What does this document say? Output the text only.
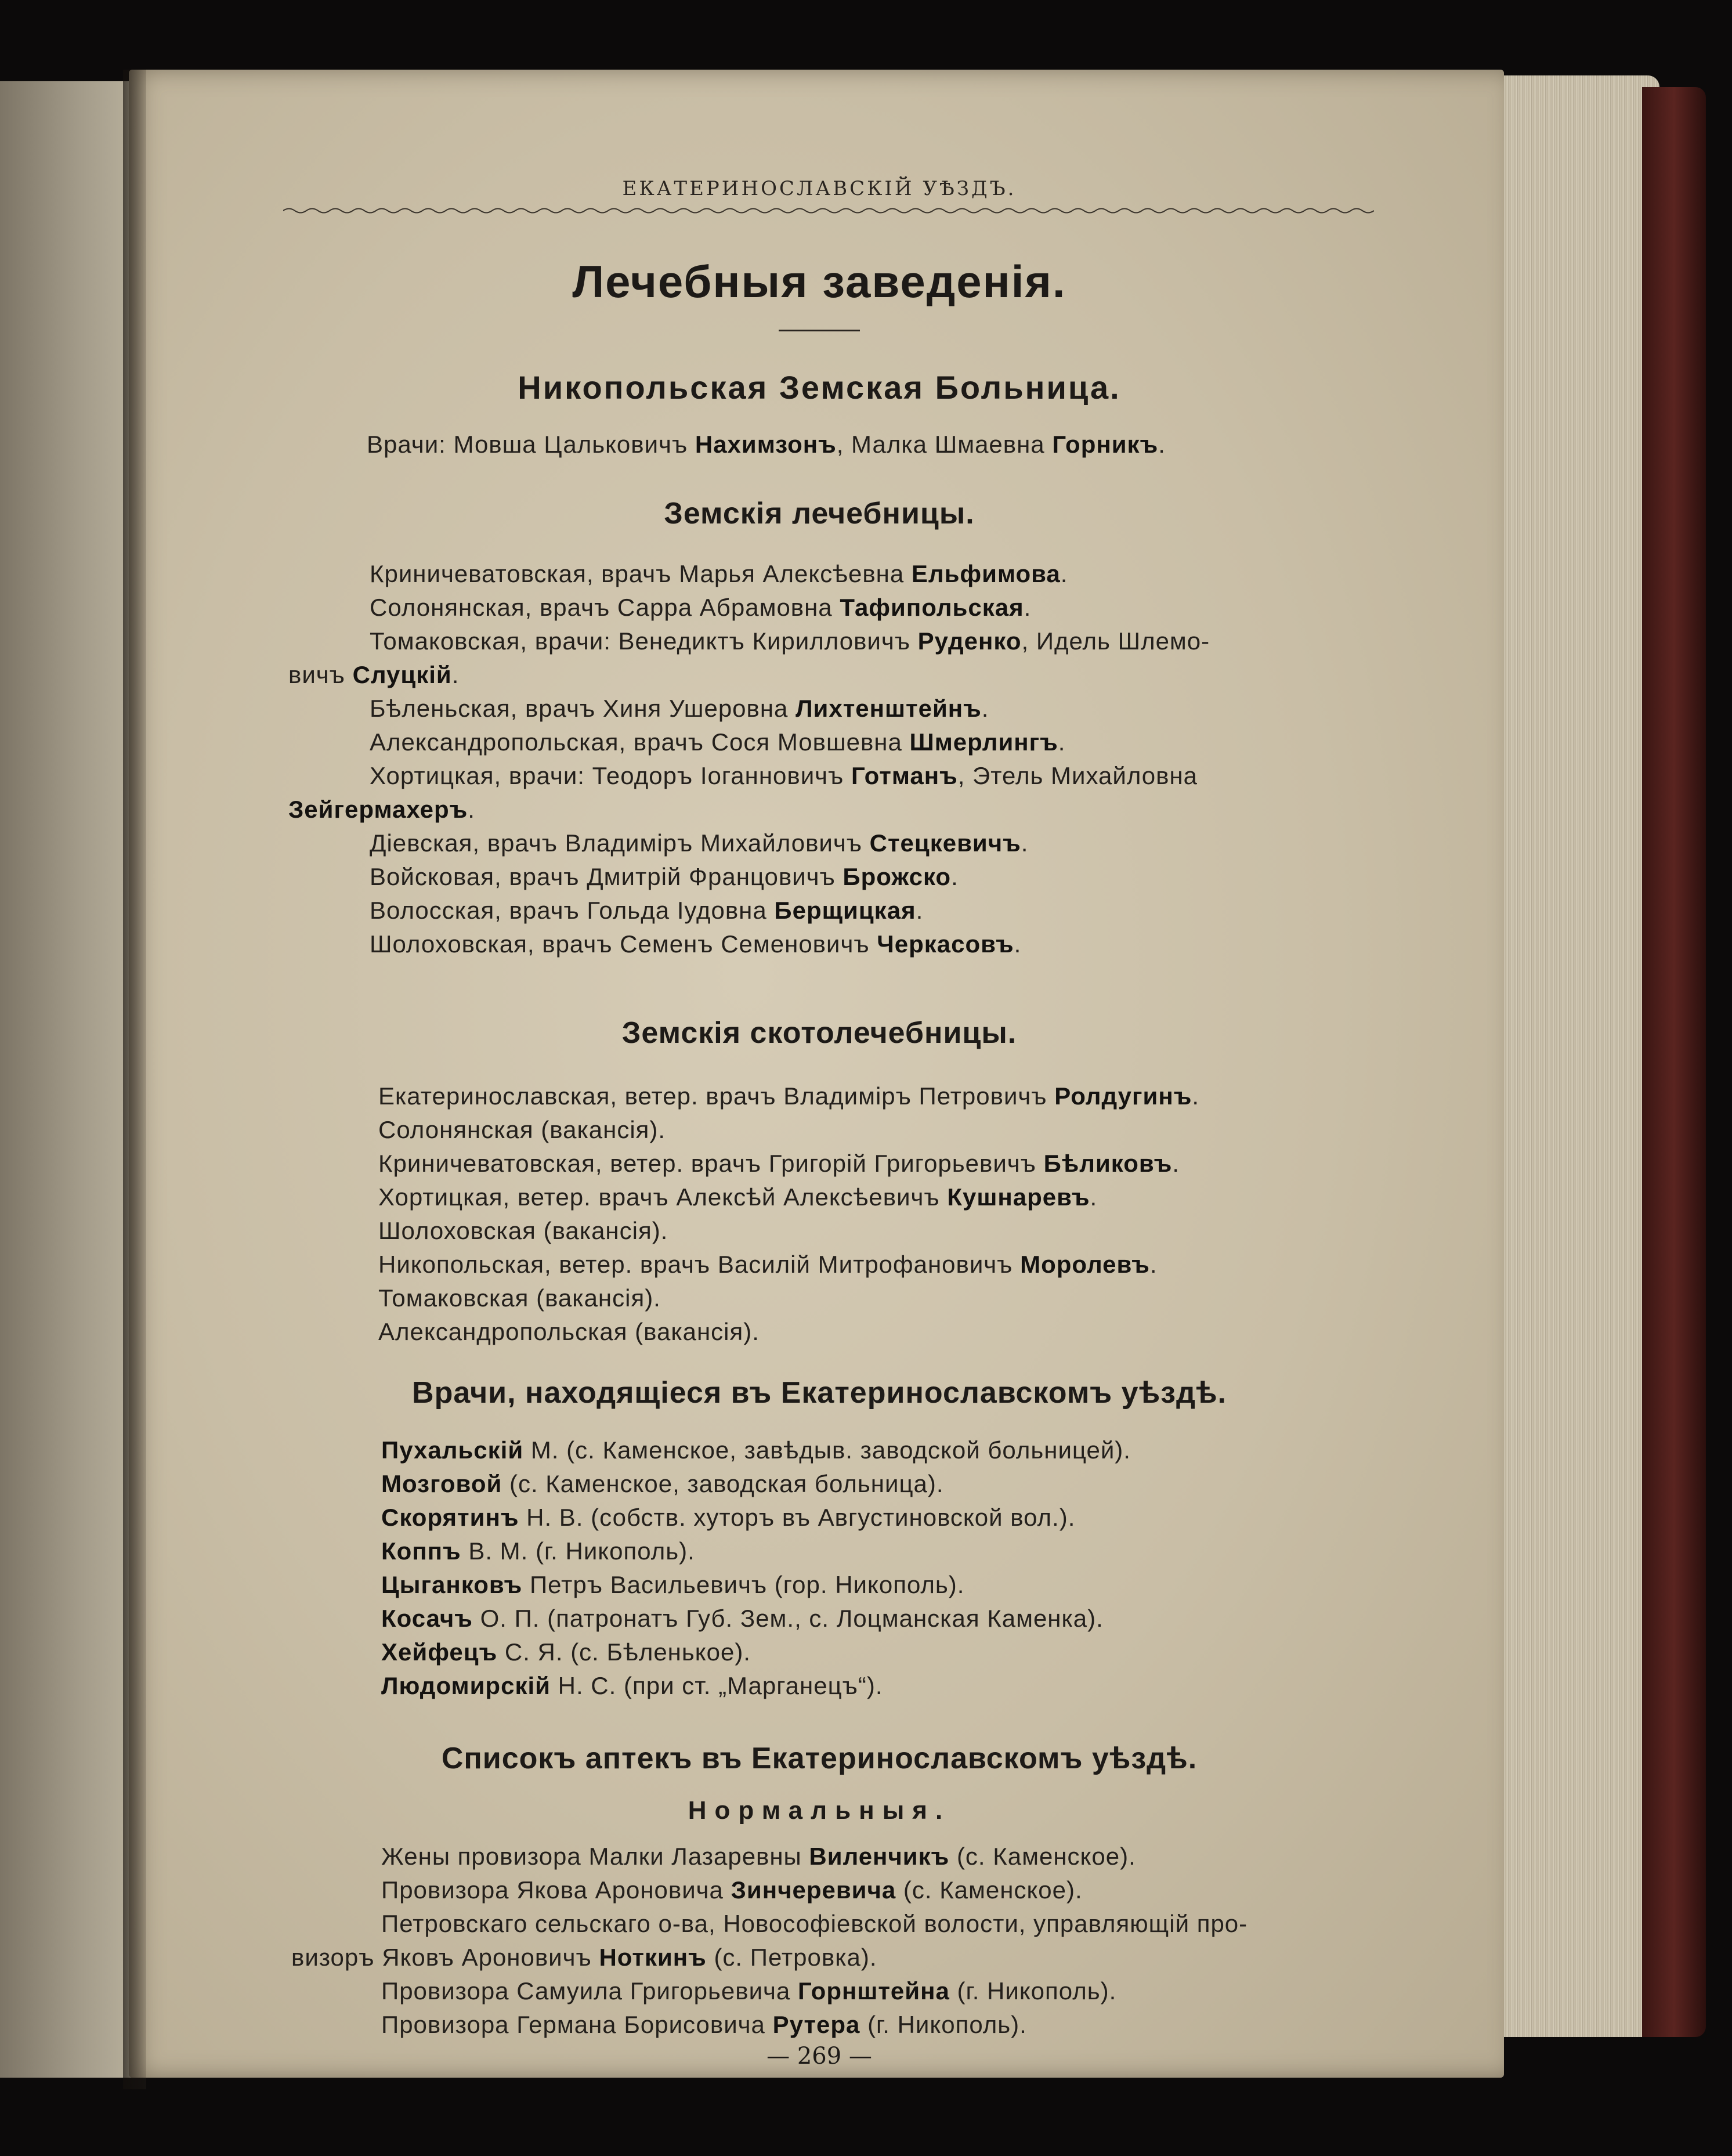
ЕКАТЕРИНОСЛАВСКІЙ УѢЗДЪ.
Лечебныя заведенія.
Никопольская Земская Больница.
Врачи: Мовша Цальковичъ Нахимзонъ, Малка Шмаевна Горникъ.
Земскія лечебницы.
Криничеватовская, врачъ Марья Алексѣевна Ельфимова.
Солонянская, врачъ Сарра Абрамовна Тафипольская.
Томаковская, врачи: Венедиктъ Кирилловичъ Руденко, Идель Шлемо-
вичъ Слуцкій.
Бѣленьская, врачъ Хиня Ушеровна Лихтенштейнъ.
Александропольская, врачъ Сося Мовшевна Шмерлингъ.
Хортицкая, врачи: Теодоръ Іоганновичъ Готманъ, Этель Михайловна
Зейгермахеръ.
Діевская, врачъ Владиміръ Михайловичъ Стецкевичъ.
Войсковая, врачъ Дмитрій Францовичъ Брожско.
Волосская, врачъ Гольда Іудовна Берщицкая.
Шолоховская, врачъ Семенъ Семеновичъ Черкасовъ.
Земскія скотолечебницы.
Екатеринославская, ветер. врачъ Владиміръ Петровичъ Ролдугинъ.
Солонянская (вакансія).
Криничеватовская, ветер. врачъ Григорій Григорьевичъ Бѣликовъ.
Хортицкая, ветер. врачъ Алексѣй Алексѣевичъ Кушнаревъ.
Шолоховская (вакансія).
Никопольская, ветер. врачъ Василій Митрофановичъ Моролевъ.
Томаковская (вакансія).
Александропольская (вакансія).
Врачи, находящіеся въ Екатеринославскомъ уѣздѣ.
Пухальскій М. (с. Каменское, завѣдыв. заводской больницей).
Мозговой (с. Каменское, заводская больница).
Скорятинъ Н. В. (собств. хуторъ въ Августиновской вол.).
Коппъ В. М. (г. Никополь).
Цыганковъ Петръ Васильевичъ (гор. Никополь).
Косачъ О. П. (патронатъ Губ. Зем., с. Лоцманская Каменка).
Хейфецъ С. Я. (с. Бѣленькое).
Людомирскій Н. С. (при ст. „Марганецъ“).
Списокъ аптекъ въ Екатеринославскомъ уѣздѣ.
Нормальныя.
Жены провизора Малки Лазаревны Виленчикъ (с. Каменское).
Провизора Якова Ароновича Зинчеревича (с. Каменское).
Петровскаго сельскаго о-ва, Новософіевской волости, управляющій про-
визоръ Яковъ Ароновичъ Ноткинъ (с. Петровка).
Провизора Самуила Григорьевича Горнштейна (г. Никополь).
Провизора Германа Борисовича Рутера (г. Никополь).
— 269 —
